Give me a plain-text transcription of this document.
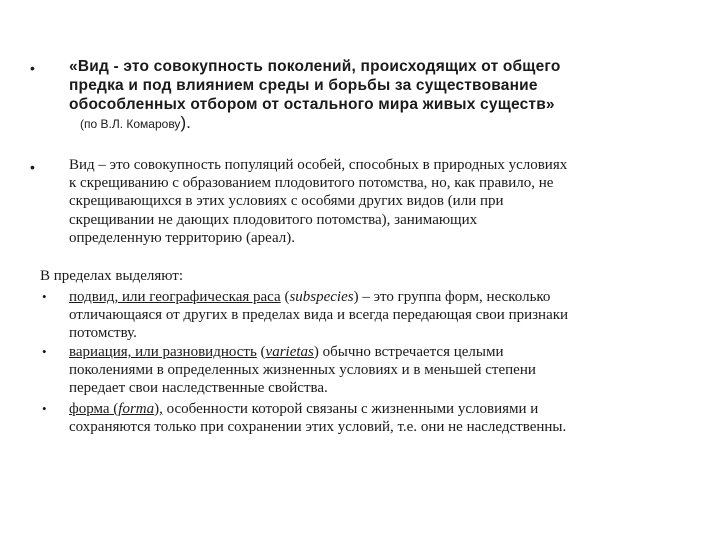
• «Вид - это совокупность поколений, происходящих от общего
предка и под влиянием среды и борьбы за существование
обособленных отбором от остального мира живых существ»
(по В.Л. Комарову).
• Вид – это совокупность популяций особей, способных в природных условиях
к скрещиванию с образованием плодовитого потомства, но, как правило, не
скрещивающихся в этих условиях с особями других видов (или при
скрещивании не дающих плодовитого потомства), занимающих
определенную территорию (ареал).
В пределах выделяют:
• подвид, или географическая раса (subspecies) – это группа форм, несколько
отличающаяся от других в пределах вида и всегда передающая свои признаки
потомству.
• вариация, или разновидность (varietas) обычно встречается целыми
поколениями в определенных жизненных условиях и в меньшей степени
передает свои наследственные свойства.
• форма (forma), особенности которой связаны с жизненными условиями и
сохраняются только при сохранении этих условий, т.е. они не наследственны.
